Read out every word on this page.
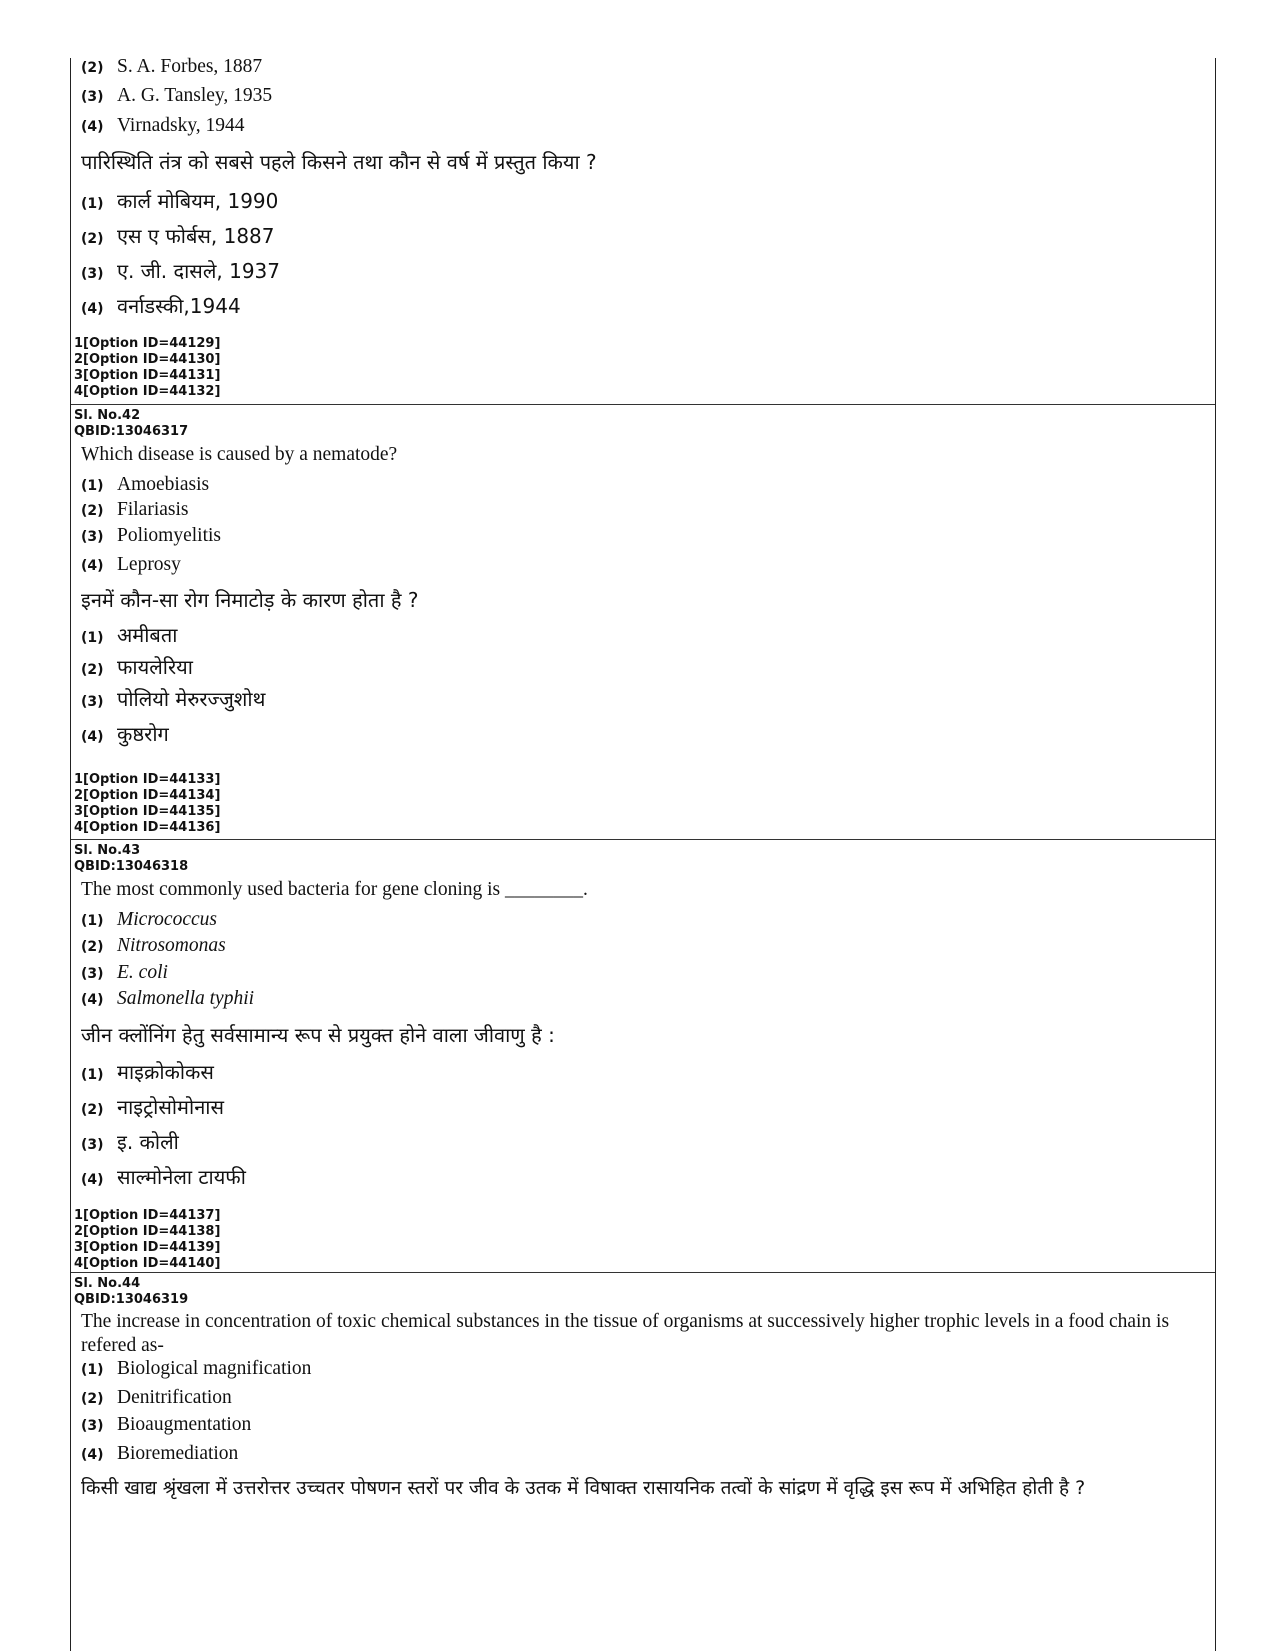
(2) S. A. Forbes, 1887
(3) A. G. Tansley, 1935
(4) Virnadsky, 1944
पारिस्थिति तंत्र को सबसे पहले किसने तथा कौन से वर्ष में प्रस्तुत किया ?
(1) कार्ल मोबियम, 1990
(2) एस ए फोर्बस, 1887
(3) ए. जी. दासले, 1937
(4) वर्नाडस्की,1944
1[Option ID=44129]
2[Option ID=44130]
3[Option ID=44131]
4[Option ID=44132]
Sl. No.42
QBID:13046317
Which disease is caused by a nematode?
(1) Amoebiasis
(2) Filariasis
(3) Poliomyelitis
(4) Leprosy
इनमें कौन-सा रोग निमाटोड़ के कारण होता है ?
(1) अमीबता
(2) फायलेरिया
(3) पोलियो मेरुरज्जुशोथ
(4) कुष्ठरोग
1[Option ID=44133]
2[Option ID=44134]
3[Option ID=44135]
4[Option ID=44136]
Sl. No.43
QBID:13046318
The most commonly used bacteria for gene cloning is ________.
(1) Micrococcus
(2) Nitrosomonas
(3) E. coli
(4) Salmonella typhii
जीन क्लोंनिंग हेतु सर्वसामान्य रूप से प्रयुक्त होने वाला जीवाणु है :
(1) माइक्रोकोकस
(2) नाइट्रोसोमोनास
(3) इ. कोली
(4) साल्मोनेला टायफी
1[Option ID=44137]
2[Option ID=44138]
3[Option ID=44139]
4[Option ID=44140]
Sl. No.44
QBID:13046319
The increase in concentration of toxic chemical substances in the tissue of organisms at successively higher trophic levels in a food chain is refered as-
(1) Biological magnification
(2) Denitrification
(3) Bioaugmentation
(4) Bioremediation
किसी खाद्य श्रृंखला में उत्तरोत्तर उच्चतर पोषणन स्तरों पर जीव के उतक में विषाक्त रासायनिक तत्वों के सांद्रण में वृद्धि इस रूप में अभिहित होती है ?
